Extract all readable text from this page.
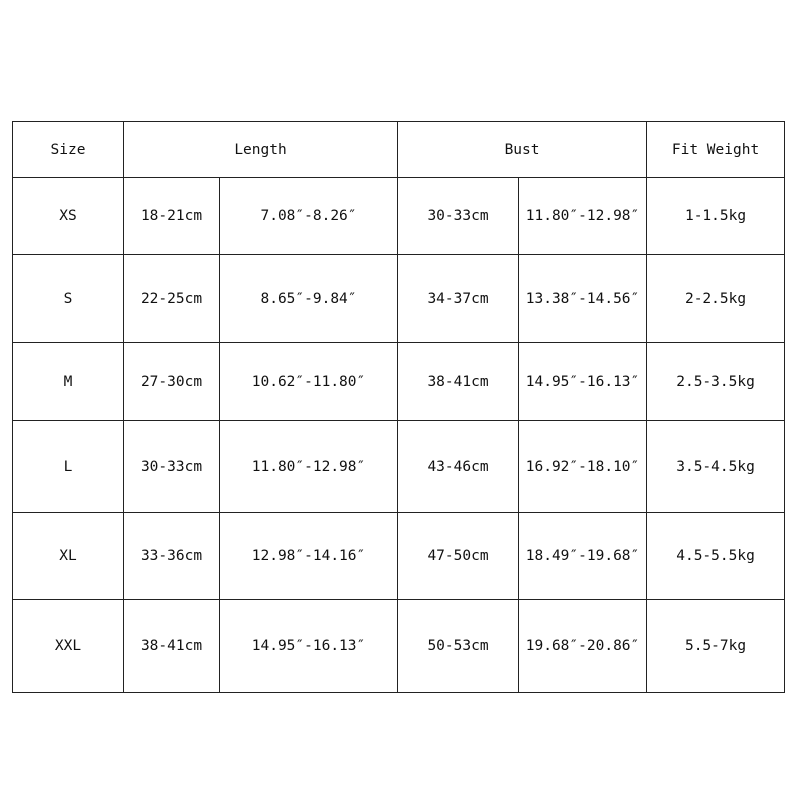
Size	Length		Bust		Fit Weight
XS	18-21cm	7.08″-8.26″	30-33cm	11.80″-12.98″	1-1.5kg
S	22-25cm	8.65″-9.84″	34-37cm	13.38″-14.56″	2-2.5kg
M	27-30cm	10.62″-11.80″	38-41cm	14.95″-16.13″	2.5-3.5kg
L	30-33cm	11.80″-12.98″	43-46cm	16.92″-18.10″	3.5-4.5kg
XL	33-36cm	12.98″-14.16″	47-50cm	18.49″-19.68″	4.5-5.5kg
XXL	38-41cm	14.95″-16.13″	50-53cm	19.68″-20.86″	5.5-7kg
